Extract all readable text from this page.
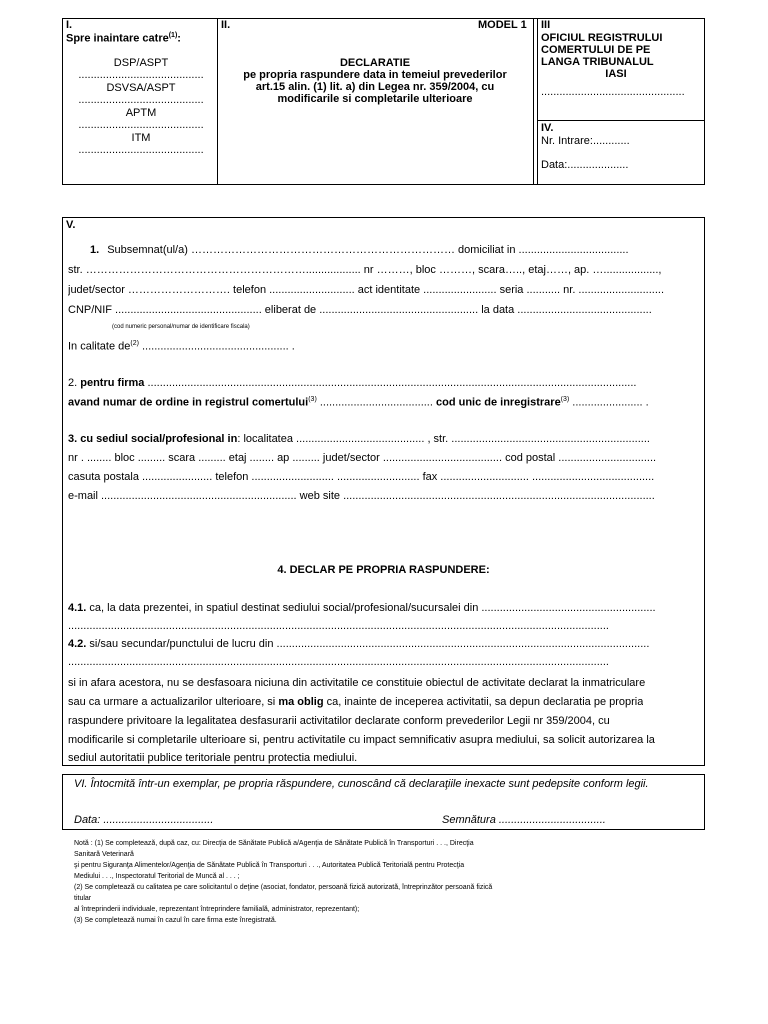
I.
Spre inaintare catre$^{(1)}$:
DSP/ASPT
.........................................
DSVSA/ASPT
.........................................
APTM
.........................................
ITM
.........................................
II.	MODEL 1
DECLARATIE
pe propria raspundere data in temeiul prevederilor
art.15 alin. (1) lit. a) din Legea nr. 359/2004, cu
modificarile si completarile ulterioare
III
OFICIUL REGISTRULUI
COMERTULUI DE PE
LANGA TRIBUNALUL
IASI
...............................................
IV.
Nr. Intrare:............
Data:....................
V.
1. Subsemnat(ul/a) ……………………………………………………………… domiciliat in ....................................
str. …………………………………………………….................. nr ………, bloc ………, scara….., etaj……, ap. …..................,
judet/sector ………………………. telefon ............................ act identitate ........................ seria ........... nr. ............................
CNP/NIF ................................................ eliberat de .................................................... la data ............................................
(cod numeric personal/numar de identificare fiscala)
In calitate $de^{(2)}$ ................................................ .
2. pentru firma ................................................................................................................................................................
avand numar de ordine in registrul comertului$^{(3)}$ ..................................... cod unic de inregistrare$^{(3)}$ ....................... .
3. cu sediul social/profesional in: localitatea .......................................... , str. .................................................................
nr . ........ bloc ......... scara ......... etaj ........ ap ......... judet/sector ....................................... cod postal ................................
casuta postala ....................... telefon ........................... ........................... fax ............................. ........................................
e-mail ................................................................ web site ......................................................................................................
4. DECLAR PE PROPRIA RASPUNDERE:
4.1. ca, la data prezentei, in spatiul destinat sediului social/profesional/sucursalei din .........................................................
.................................................................................................................................................................................
4.2. si/sau secundar/punctului de lucru din ..........................................................................................................................
.................................................................................................................................................................................
si in afara acestora, nu se desfasoara niciuna din activitatile ce constituie obiectul de activitate declarat la inmatriculare
sau ca urmare a actualizarilor ulterioare, si ma oblig ca, inainte de inceperea activitatii, sa depun declaratia pe propria
raspundere privitoare la legalitatea desfasurarii activitatilor declarate conform prevederilor Legii nr 359/2004, cu
modificarile si completarile ulterioare si, pentru activitatile cu impact semnificativ asupra mediului, sa solicit autorizarea la
sediul autoritatii publice teritoriale pentru protectia mediului.
VI. Întocmită într-un exemplar, pe propria răspundere, cunoscând că declaraţiile inexacte sunt pedepsite conform legii.
Data: ....................................	Semnătura ...................................
Notă : (1) Se completează, după caz, cu: Direcţia de Sănătate Publică a/Agenţia de Sănătate Publică în Transporturi . . ., Direcţia
Sanitară Veterinară
şi pentru Siguranţa Alimentelor/Agenţia de Sănătate Publică în Transporturi . . ., Autoritatea Publică Teritorială pentru Protecţia
Mediului . . ., Inspectoratul Teritorial de Muncă al . . . ;
(2) Se completează cu calitatea pe care solicitantul o deţine (asociat, fondator, persoană fizică autorizată, întreprinzător persoană fizică
titular
al întreprinderii individuale, reprezentant întreprindere familială, administrator, reprezentant);
(3) Se completează numai în cazul în care firma este înregistrată.
